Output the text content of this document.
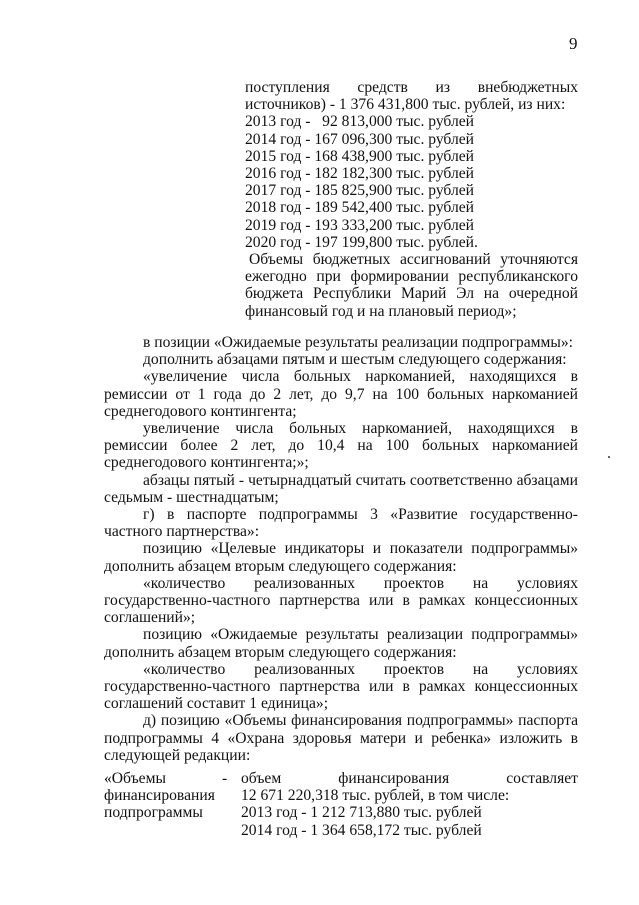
9
поступления средств из внебюджетных
источников) - 1 376 431,800 тыс. рублей, из них:
2013 год -   92 813,000 тыс. рублей
2014 год - 167 096,300 тыс. рублей
2015 год - 168 438,900 тыс. рублей
2016 год - 182 182,300 тыс. рублей
2017 год - 185 825,900 тыс. рублей
2018 год - 189 542,400 тыс. рублей
2019 год - 193 333,200 тыс. рублей
2020 год - 197 199,800 тыс. рублей.
Объемы бюджетных ассигнований уточняются
ежегодно при формировании республиканского
бюджета Республики Марий Эл на очередной
финансовый год и на плановый период»;

в позиции «Ожидаемые результаты реализации подпрограммы»:

дополнить абзацами пятым и шестым следующего содержания:

«увеличение числа больных наркоманией, находящихся в ремиссии от 1 года до 2 лет, до 9,7 на 100 больных наркоманией среднегодового контингента;

увеличение числа больных наркоманией, находящихся в ремиссии более 2 лет, до 10,4 на 100 больных наркоманией среднегодового контингента;»;

абзацы пятый - четырнадцатый считать соответственно абзацами седьмым - шестнадцатым;

г) в паспорте подпрограммы 3 «Развитие государственно-частного партнерства»:

позицию «Целевые индикаторы и показатели подпрограммы» дополнить абзацем вторым следующего содержания:

«количество реализованных проектов на условиях государственно-частного партнерства или в рамках концессионных соглашений»;

позицию «Ожидаемые результаты реализации подпрограммы» дополнить абзацем вторым следующего содержания:

«количество реализованных проектов на условиях государственно-частного партнерства или в рамках концессионных соглашений составит 1 единица»;

д) позицию «Объемы финансирования подпрограммы» паспорта подпрограммы 4 «Охрана здоровья матери и ребенка» изложить в следующей редакции:

«Объемы
финансирования
подпрограммы
- объем финансирования составляет
12 671 220,318 тыс. рублей, в том числе:
2013 год - 1 212 713,880 тыс. рублей
2014 год - 1 364 658,172 тыс. рублей
